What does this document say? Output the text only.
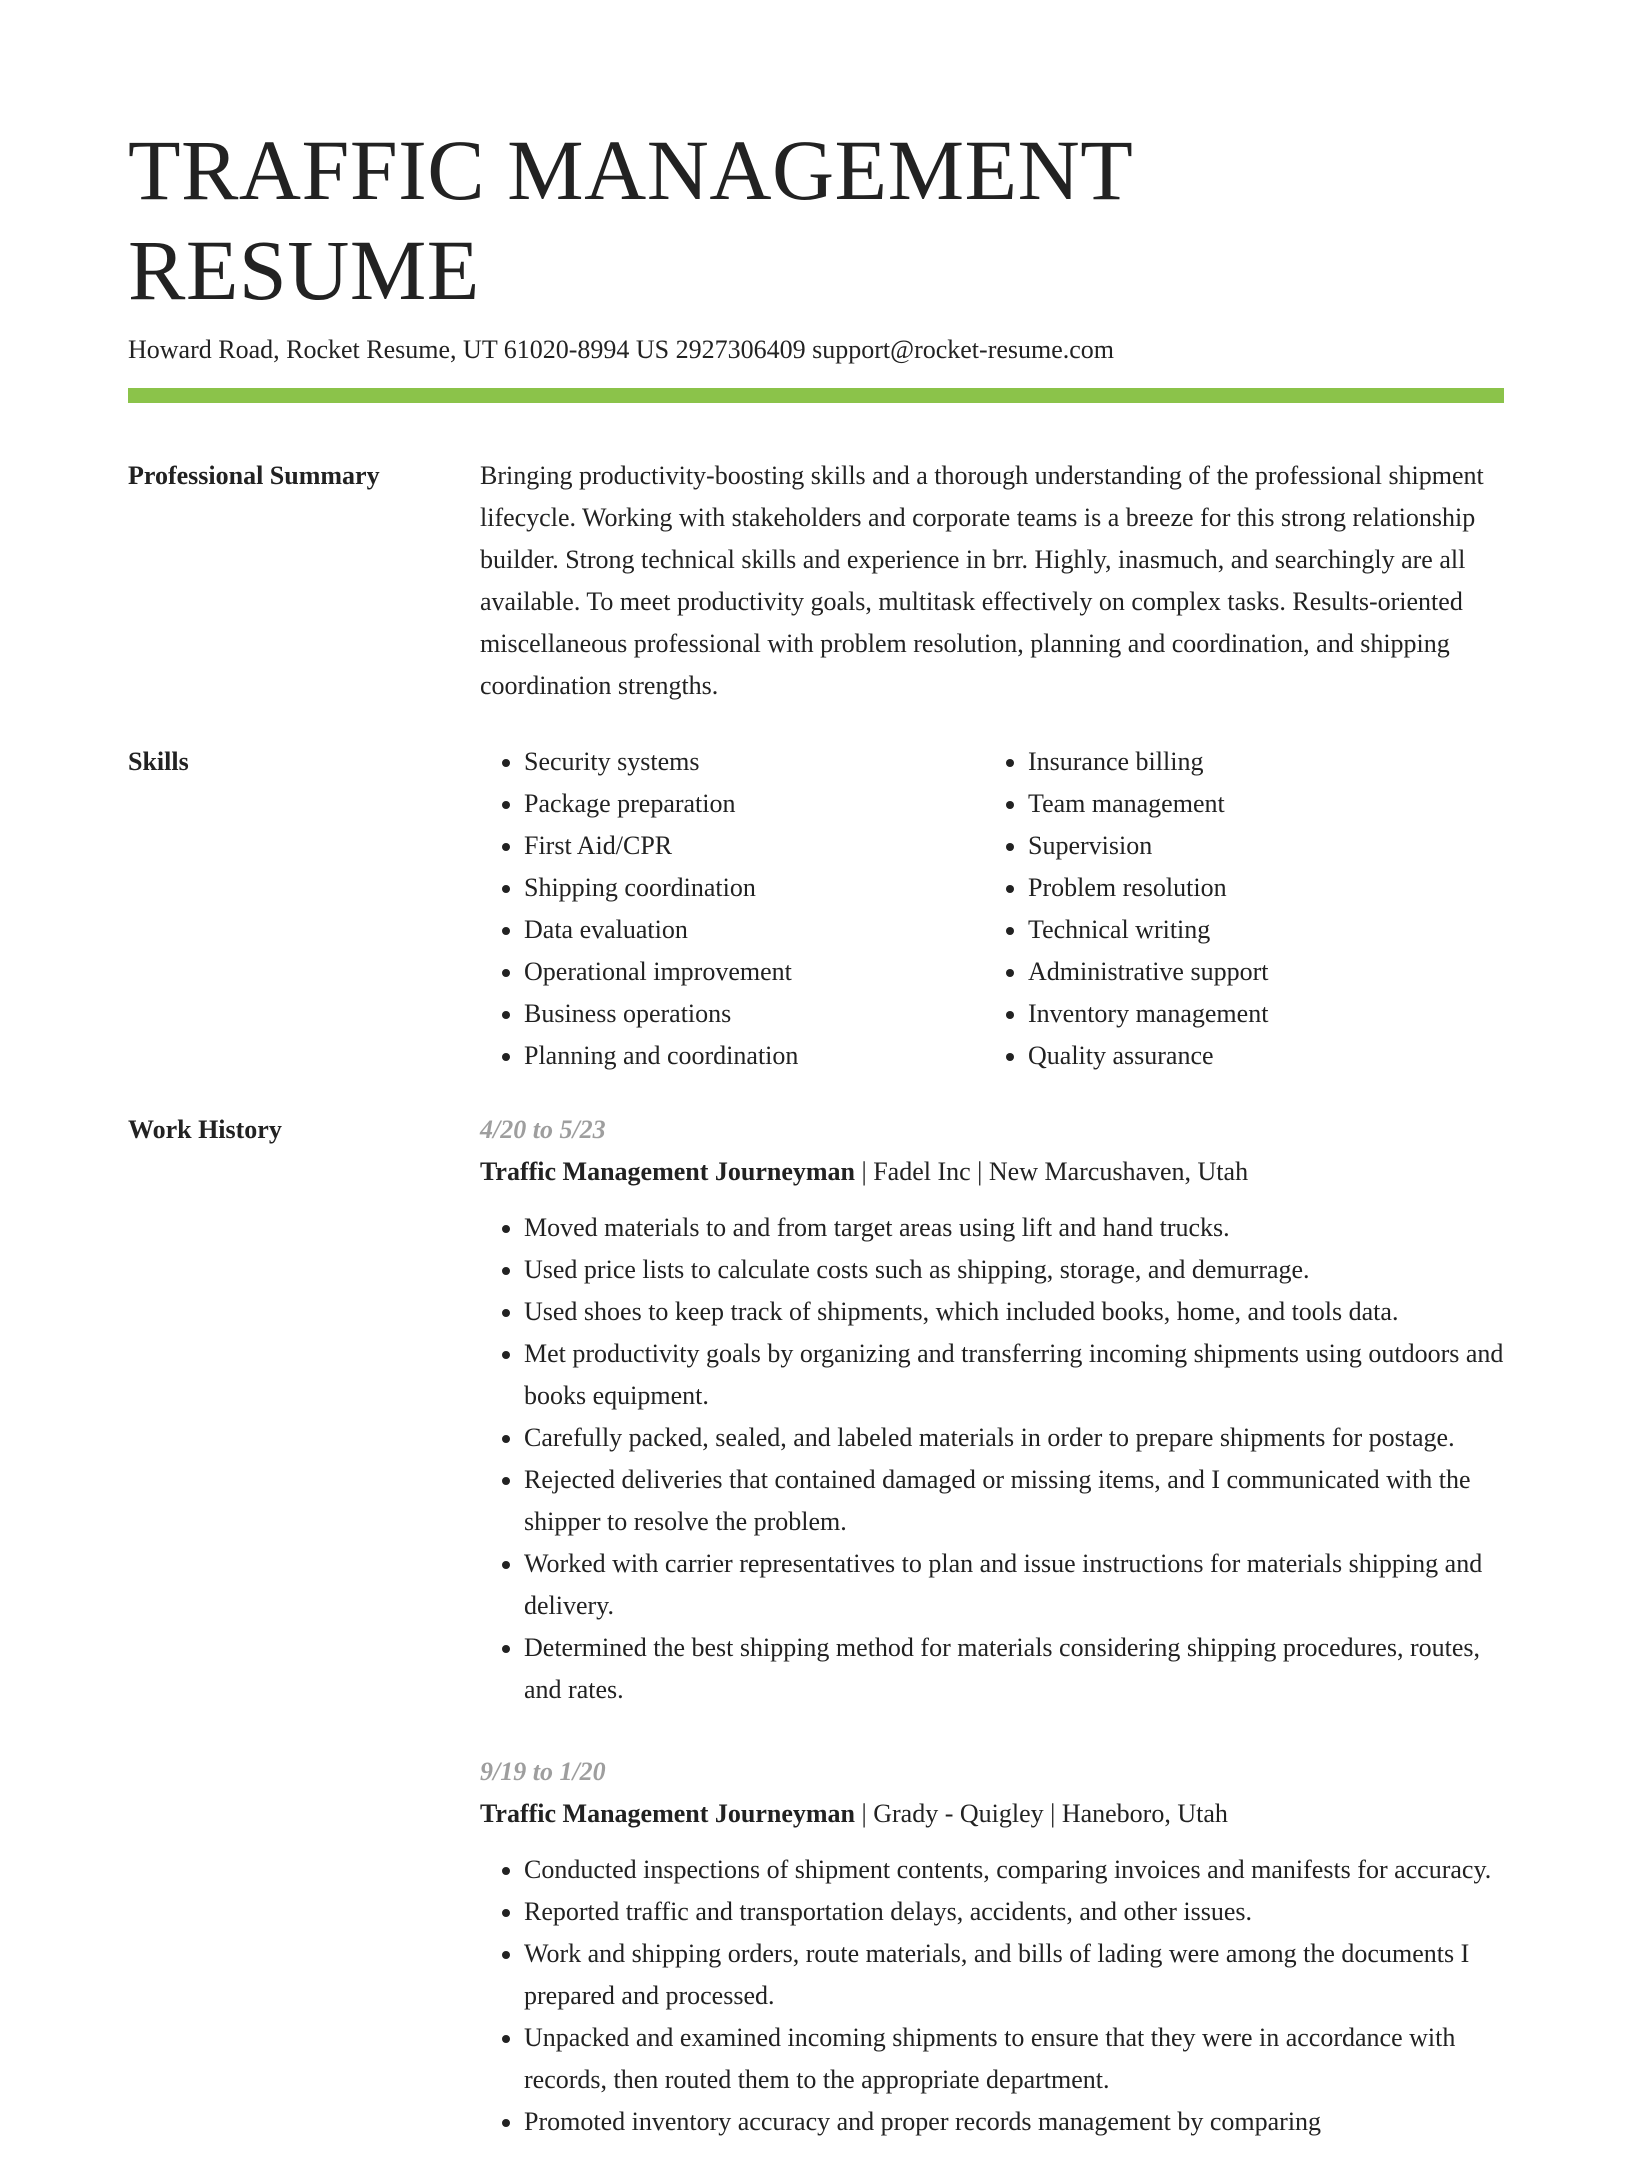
TRAFFIC MANAGEMENT RESUME
Howard Road, Rocket Resume, UT 61020-8994 US 2927306409 support@rocket-resume.com
Professional Summary	Bringing productivity-boosting skills and a thorough understanding of the professional shipment lifecycle. Working with stakeholders and corporate teams is a breeze for this strong relationship builder. Strong technical skills and experience in brr. Highly, inasmuch, and searchingly are all available. To meet productivity goals, multitask effectively on complex tasks. Results-oriented miscellaneous professional with problem resolution, planning and coordination, and shipping coordination strengths.

Skills
•	Security systems
• Package preparation
• First Aid/CPR
• Shipping coordination
• Data evaluation
• Operational improvement
• Business operations
• Planning and coordination
• Insurance billing
• Team management
• Supervision
• Problem resolution
• Technical writing
• Administrative support
• Inventory management
• Quality assurance
Work History	4/20 to 5/23
Traffic Management Journeyman | Fadel Inc | New Marcushaven, Utah
• Moved materials to and from target areas using lift and hand trucks.
• Used price lists to calculate costs such as shipping, storage, and demurrage.
• Used shoes to keep track of shipments, which included books, home, and tools data.
• Met productivity goals by organizing and transferring incoming shipments using outdoors and books equipment.
• Carefully packed, sealed, and labeled materials in order to prepare shipments for postage.
• Rejected deliveries that contained damaged or missing items, and I communicated with the shipper to resolve the problem.
• Worked with carrier representatives to plan and issue instructions for materials shipping and delivery.
• Determined the best shipping method for materials considering shipping procedures, routes, and rates.
9/19 to 1/20
Traffic Management Journeyman | Grady - Quigley | Haneboro, Utah
• Conducted inspections of shipment contents, comparing invoices and manifests for accuracy.
• Reported traffic and transportation delays, accidents, and other issues.
• Work and shipping orders, route materials, and bills of lading were among the documents I prepared and processed.
• Unpacked and examined incoming shipments to ensure that they were in accordance with records, then routed them to the appropriate department.
• Promoted inventory accuracy and proper records management by comparing
